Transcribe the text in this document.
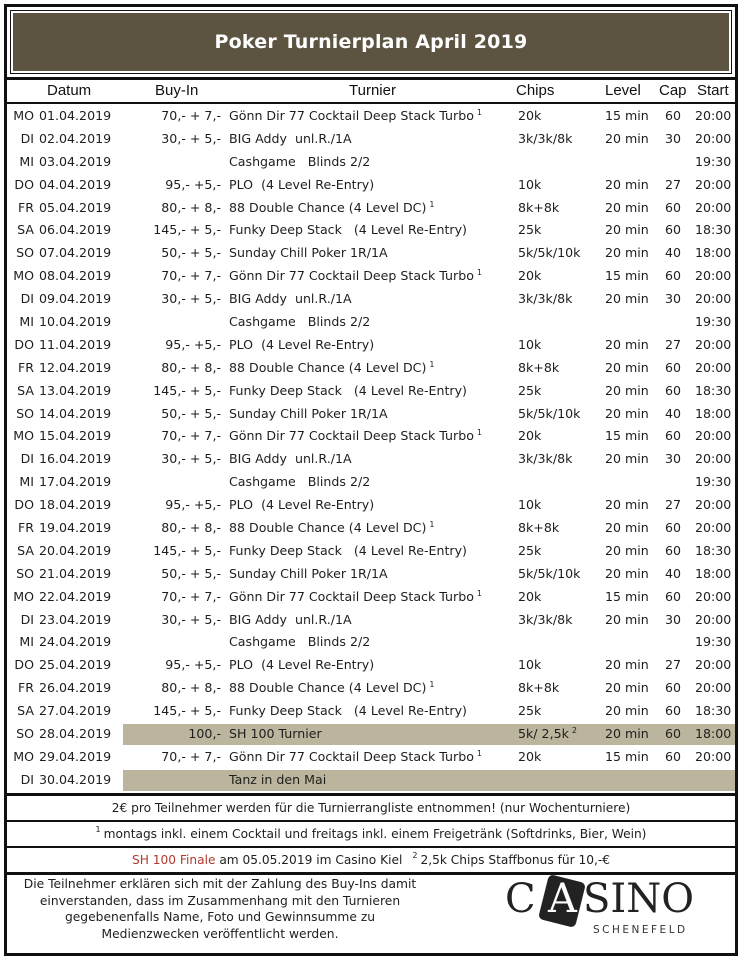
Poker Turnierplan April 2019
Datum	Buy-In	Turnier	Chips	Level Cap Start
MO 01.04.2019	70,- + 7,- Gönn Dir 77 Cocktail Deep Stack Turbo $^1$	20k	15 min 60 20:00
DI 02.04.2019	30,- + 5,- BIG Addy  unl.R./1A	3k/3k/8k	20 min 30 20:00
MI 03.04.2019	Cashgame   Blinds 2/2	19:30
DO 04.04.2019	95,- +5,- PLO  (4 Level Re-Entry)	10k	20 min 27 20:00
FR 05.04.2019	80,- + 8,- 88 Double Chance (4 Level DC) $^1$	8k+8k	20 min 60 20:00
SA 06.04.2019	145,- + 5,- Funky Deep Stack   (4 Level Re-Entry)	25k	20 min 60 18:30
SO 07.04.2019	50,- + 5,- Sunday Chill Poker 1R/1A	5k/5k/10k 20 min 40 18:00
MO 08.04.2019	70,- + 7,- Gönn Dir 77 Cocktail Deep Stack Turbo $^1$	20k	15 min 60 20:00
DI 09.04.2019	30,- + 5,- BIG Addy  unl.R./1A	3k/3k/8k	20 min 30 20:00
MI 10.04.2019	Cashgame   Blinds 2/2	19:30
DO 11.04.2019	95,- +5,- PLO  (4 Level Re-Entry)	10k	20 min 27 20:00
FR 12.04.2019	80,- + 8,- 88 Double Chance (4 Level DC) $^1$	8k+8k	20 min 60 20:00
SA 13.04.2019	145,- + 5,- Funky Deep Stack   (4 Level Re-Entry)	25k	20 min 60 18:30
SO 14.04.2019	50,- + 5,- Sunday Chill Poker 1R/1A	5k/5k/10k 20 min 40 18:00
MO 15.04.2019	70,- + 7,- Gönn Dir 77 Cocktail Deep Stack Turbo $^1$	20k	15 min 60 20:00
DI 16.04.2019	30,- + 5,- BIG Addy  unl.R./1A	3k/3k/8k	20 min 30 20:00
MI 17.04.2019	Cashgame   Blinds 2/2	19:30
DO 18.04.2019	95,- +5,- PLO  (4 Level Re-Entry)	10k	20 min 27 20:00
FR 19.04.2019	80,- + 8,- 88 Double Chance (4 Level DC) $^1$	8k+8k	20 min 60 20:00
SA 20.04.2019	145,- + 5,- Funky Deep Stack   (4 Level Re-Entry)	25k	20 min 60 18:30
SO 21.04.2019	50,- + 5,- Sunday Chill Poker 1R/1A	5k/5k/10k 20 min 40 18:00
MO 22.04.2019	70,- + 7,- Gönn Dir 77 Cocktail Deep Stack Turbo $^1$	20k	15 min 60 20:00
DI 23.04.2019	30,- + 5,- BIG Addy  unl.R./1A	3k/3k/8k	20 min 30 20:00
MI 24.04.2019	Cashgame   Blinds 2/2	19:30
DO 25.04.2019	95,- +5,- PLO  (4 Level Re-Entry)	10k	20 min 27 20:00
FR 26.04.2019	80,- + 8,- 88 Double Chance (4 Level DC) $^1$	8k+8k	20 min 60 20:00
SA 27.04.2019	145,- + 5,- Funky Deep Stack   (4 Level Re-Entry)	25k	20 min 60 18:30
SO 28.04.2019	100,- SH 100 Turnier	5k/ 2,5k $^2$ 20 min 60 18:00
MO 29.04.2019	70,- + 7,- Gönn Dir 77 Cocktail Deep Stack Turbo $^1$	20k	15 min 60 20:00
DI 30.04.2019	Tanz in den Mai
2€ pro Teilnehmer werden für die Turnierrangliste entnommen! (nur Wochenturniere)
$^1$ montags inkl. einem Cocktail und freitags inkl. einem Freigetränk (Softdrinks, Bier, Wein)
SH 100 Finale am 05.05.2019 im Casino Kiel $^2$ 2,5k Chips Staffbonus für 10,-€
Die Teilnehmer erklären sich mit der Zahlung des Buy-Ins damit einverstanden, dass im Zusammenhang mit den Turnieren gegebenenfalls Name, Foto und Gewinnsumme zu Medienzwecken veröffentlicht werden.
C A SINO
SCHENEFELD
